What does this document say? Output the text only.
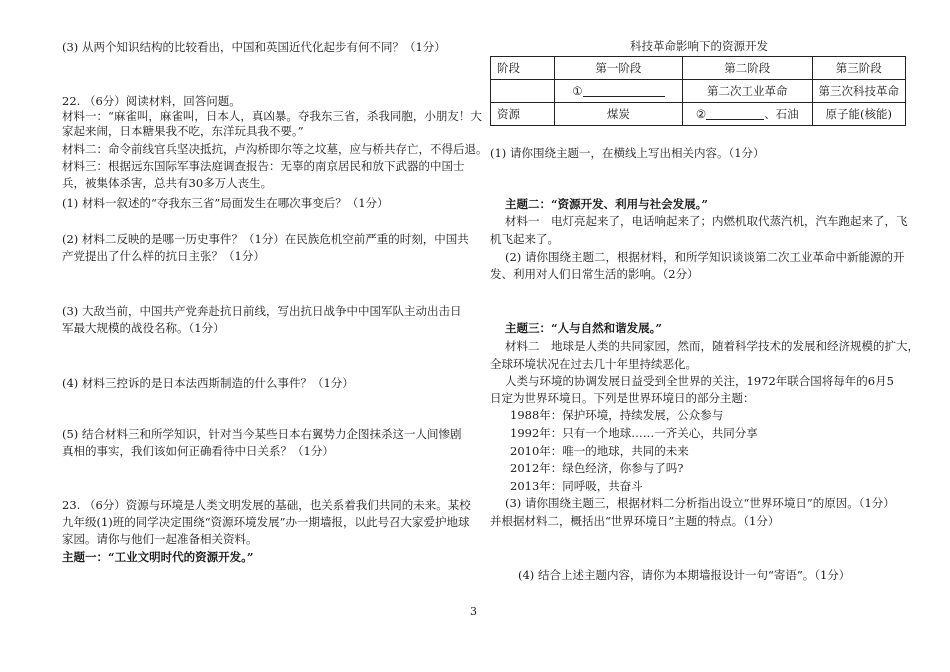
(3) 从两个知识结构的比较看出，中国和英国近代化起步有何不同？（1分）
22. （6分）阅读材料，回答问题。
材料一：“麻雀叫，麻雀叫，日本人，真凶暴。夺我东三省，杀我同胞，小朋友！大
家起来闹，日本糖果我不吃，东洋玩具我不要。”
材料二：命令前线官兵坚决抵抗，卢沟桥即尔等之坟墓，应与桥共存亡，不得后退。
材料三：根据远东国际军事法庭调查报告：无辜的南京居民和放下武器的中国士
兵，被集体杀害，总共有30多万人丧生。
(1) 材料一叙述的“夺我东三省”局面发生在哪次事变后？（1分）
(2) 材料二反映的是哪一历史事件？（1分）在民族危机空前严重的时刻，中国共
产党提出了什么样的抗日主张？（1分）
(3) 大敌当前，中国共产党奔赴抗日前线，写出抗日战争中中国军队主动出击日
军最大规模的战役名称。（1分）
(4) 材料三控诉的是日本法西斯制造的什么事件？（1分）
(5) 结合材料三和所学知识，针对当今某些日本右翼势力企图抹杀这一人间惨剧
真相的事实，我们该如何正确看待中日关系？（1分）
23. （6分）资源与环境是人类文明发展的基础，也关系着我们共同的未来。某校
九年级(1)班的同学决定围绕“资源环境发展”办一期墙报，以此号召大家爱护地球
家园。请你与他们一起准备相关资料。
主题一：“工业文明时代的资源开发。”
科技革命影响下的资源开发
阶段	第一阶段	第二阶段	第三阶段
	①	第二次工业革命	第三次科技革命
资源	煤炭	② 、石油	原子能(核能)
(1) 请你围绕主题一，在横线上写出相关内容。（1分）
主题二：“资源开发、利用与社会发展。”
材料一　电灯亮起来了，电话响起来了；内燃机取代蒸汽机，汽车跑起来了，飞
机飞起来了。
(2) 请你围绕主题二，根据材料，和所学知识谈谈第二次工业革命中新能源的开
发、利用对人们日常生活的影响。（2分）
主题三：“人与自然和谐发展。”
材料二　地球是人类的共同家园，然而，随着科学技术的发展和经济规模的扩大，
全球环境状况在过去几十年里持续恶化。
人类与环境的协调发展日益受到全世界的关注，1972年联合国将每年的6月5
日定为世界环境日。下列是世界环境日的部分主题：
1988年：保护环境，持续发展，公众参与
1992年：只有一个地球……一齐关心，共同分享
2010年：唯一的地球，共同的未来
2012年：绿色经济，你参与了吗?
2013年：同呼吸，共奋斗
(3) 请你围绕主题三，根据材料二分析指出设立“世界环境日”的原因。（1分）
并根据材料二，概括出“世界环境日”主题的特点。（1分）
(4) 结合上述主题内容，请你为本期墙报设计一句“寄语”。（1分）
3
